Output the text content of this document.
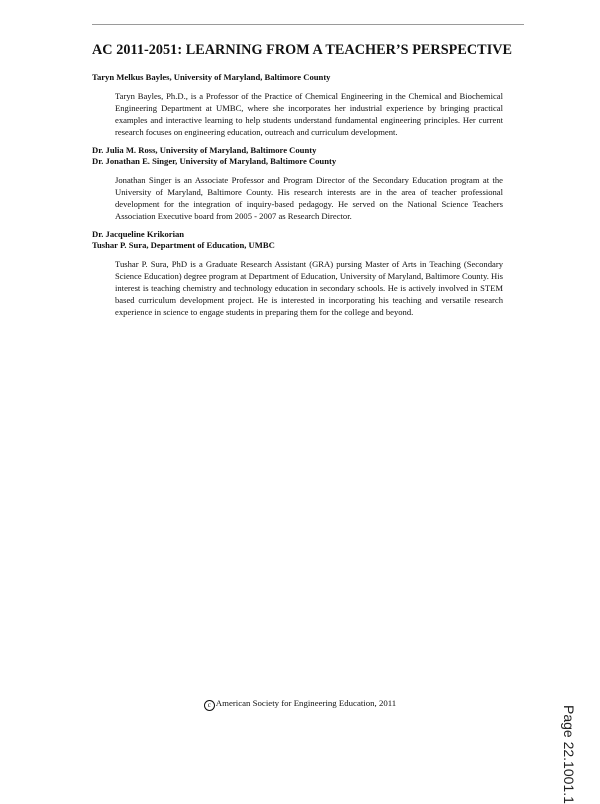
AC 2011-2051: LEARNING FROM A TEACHER’S PERSPECTIVE
Taryn Melkus Bayles, University of Maryland, Baltimore County

Taryn Bayles, Ph.D., is a Professor of the Practice of Chemical Engineering in the Chemical and Biochemical Engineering Department at UMBC, where she incorporates her industrial experience by bringing practical examples and interactive learning to help students understand fundamental engineering principles. Her current research focuses on engineering education, outreach and curriculum development.

Dr. Julia M. Ross, University of Maryland, Baltimore County
Dr. Jonathan E. Singer, University of Maryland, Baltimore County

Jonathan Singer is an Associate Professor and Program Director of the Secondary Education program at the University of Maryland, Baltimore County. His research interests are in the area of teacher professional development for the integration of inquiry-based pedagogy. He served on the National Science Teachers Association Executive board from 2005 - 2007 as Research Director.

Dr. Jacqueline Krikorian
Tushar P. Sura, Department of Education, UMBC

Tushar P. Sura, PhD is a Graduate Research Assistant (GRA) pursing Master of Arts in Teaching (Secondary Science Education) degree program at Department of Education, University of Maryland, Baltimore County. His interest is teaching chemistry and technology education in secondary schools. He is actively involved in STEM based curriculum development project. He is interested in incorporating his teaching and versatile research experience in science to engage students in preparing them for the college and beyond.

c American Society for Engineering Education, 2011
Page 22.1001.1
